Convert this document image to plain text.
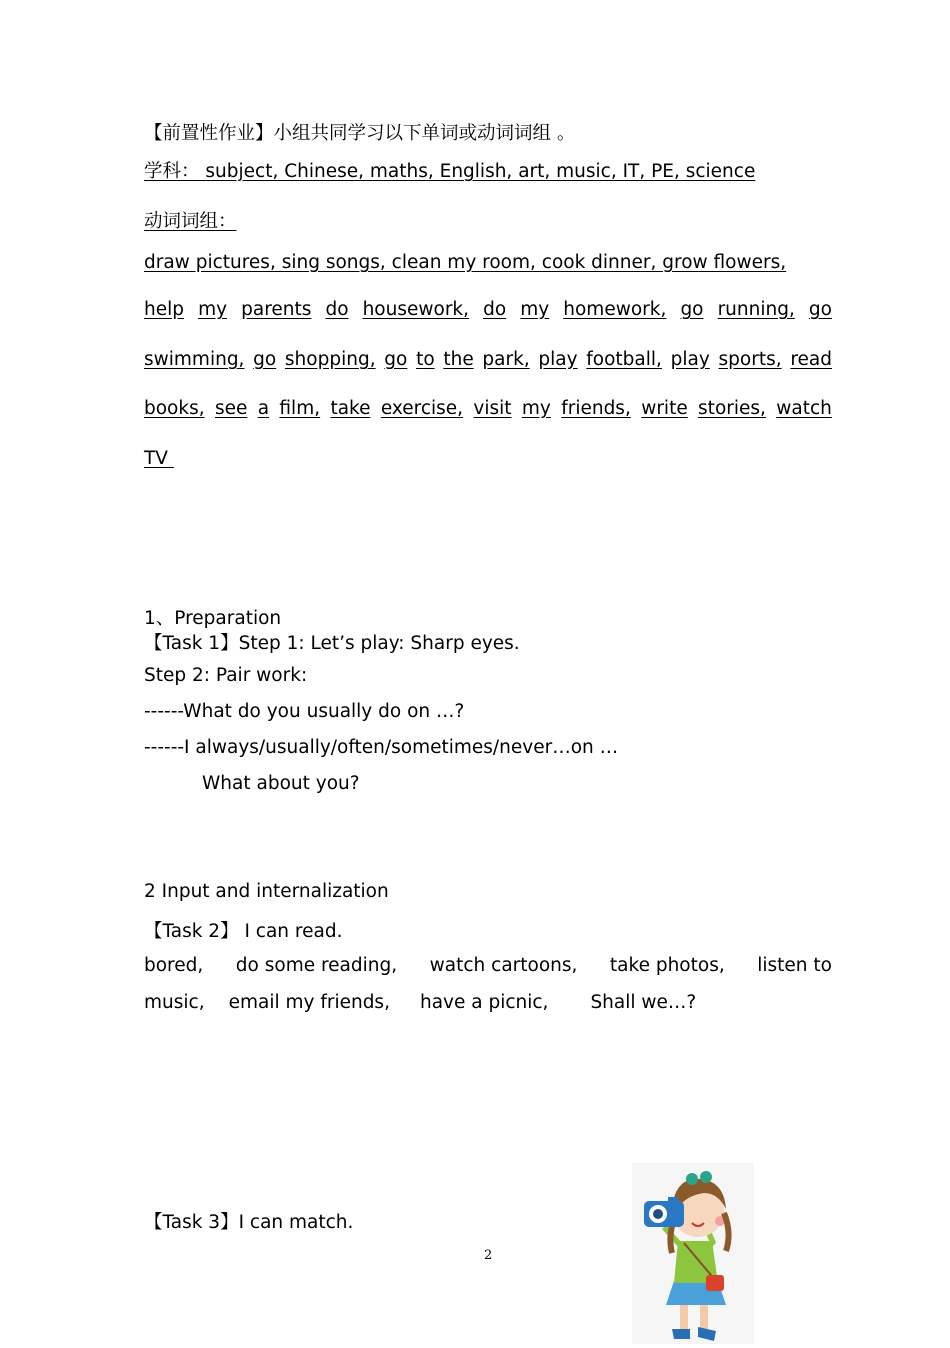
【前置性作业】小组共同学习以下单词或动词词组 。
学科： subject, Chinese, maths, English, art, music, IT, PE, science
动词词组：
draw pictures, sing songs, clean my room, cook dinner, grow flowers,
help my parents do housework, do my homework, go running, go
swimming, go shopping, go to the park, play football, play sports, read
books, see a film, take exercise, visit my friends, write stories, watch
TV
1、Preparation
【Task 1】Step 1: Let’s play: Sharp eyes.
Step 2: Pair work:
------What do you usually do on …?
------I always/usually/often/sometimes/never…on …
What about you?
2 Input and internalization
【Task 2】 I can read.
bored, do some reading, watch cartoons, take photos, listen to
music, email my friends, have a picnic, Shall we…?
【Task 3】I can match.
2
